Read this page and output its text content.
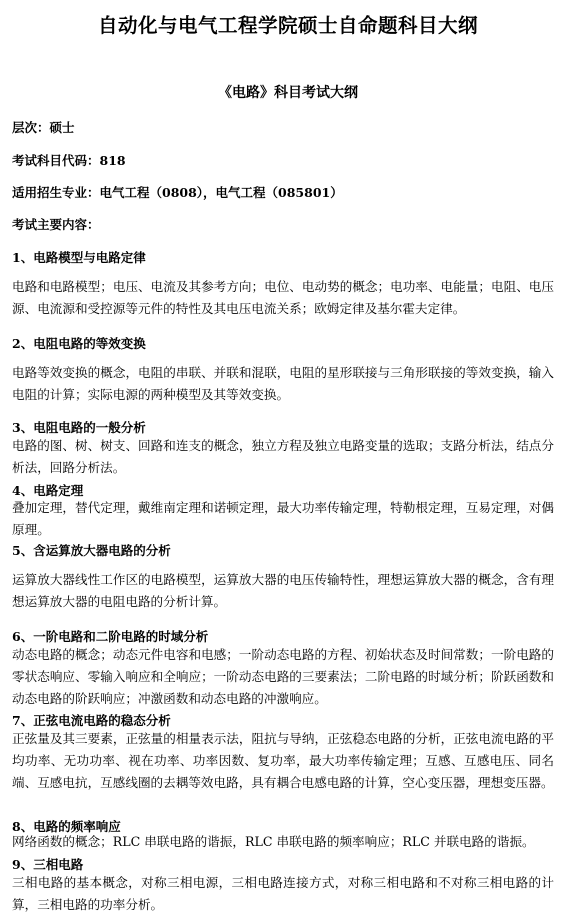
自动化与电气工程学院硕士自命题科目大纲
《电路》科目考试大纲
层次：硕士
考试科目代码：818
适用招生专业：电气工程（0808），电气工程（085801）
考试主要内容：
1、电路模型与电路定律

电路和电路模型；电压、电流及其参考方向；电位、电动势的概念；电功率、电能量；电阻、电压源、电流源和受控源等元件的特性及其电压电流关系；欧姆定律及基尔霍夫定律。

2、电阻电路的等效变换

电路等效变换的概念，电阻的串联、并联和混联，电阻的星形联接与三角形联接的等效变换，输入电阻的计算；实际电源的两种模型及其等效变换。

3、电阻电路的一般分析

电路的图、树、树支、回路和连支的概念，独立方程及独立电路变量的选取；支路分析法，结点分析法，回路分析法。

4、电路定理

叠加定理，替代定理，戴维南定理和诺顿定理，最大功率传输定理，特勒根定理，互易定理，对偶原理。

5、含运算放大器电路的分析

运算放大器线性工作区的电路模型，运算放大器的电压传输特性，理想运算放大器的概念，含有理想运算放大器的电阻电路的分析计算。

6、一阶电路和二阶电路的时域分析

动态电路的概念；动态元件电容和电感；一阶动态电路的方程、初始状态及时间常数；一阶电路的零状态响应、零输入响应和全响应；一阶动态电路的三要素法；二阶电路的时域分析；阶跃函数和动态电路的阶跃响应；冲激函数和动态电路的冲激响应。

7、正弦电流电路的稳态分析

正弦量及其三要素，正弦量的相量表示法，阻抗与导纳，正弦稳态电路的分析，正弦电流电路的平均功率、无功功率、视在功率、功率因数、复功率，最大功率传输定理；互感、互感电压、同名端、互感电抗，互感线圈的去耦等效电路，具有耦合电感电路的计算，空心变压器，理想变压器。

8、电路的频率响应

网络函数的概念；RLC 串联电路的谐振，RLC 串联电路的频率响应；RLC 并联电路的谐振。

9、三相电路

三相电路的基本概念，对称三相电源，三相电路连接方式，对称三相电路和不对称三相电路的计算，三相电路的功率分析。
